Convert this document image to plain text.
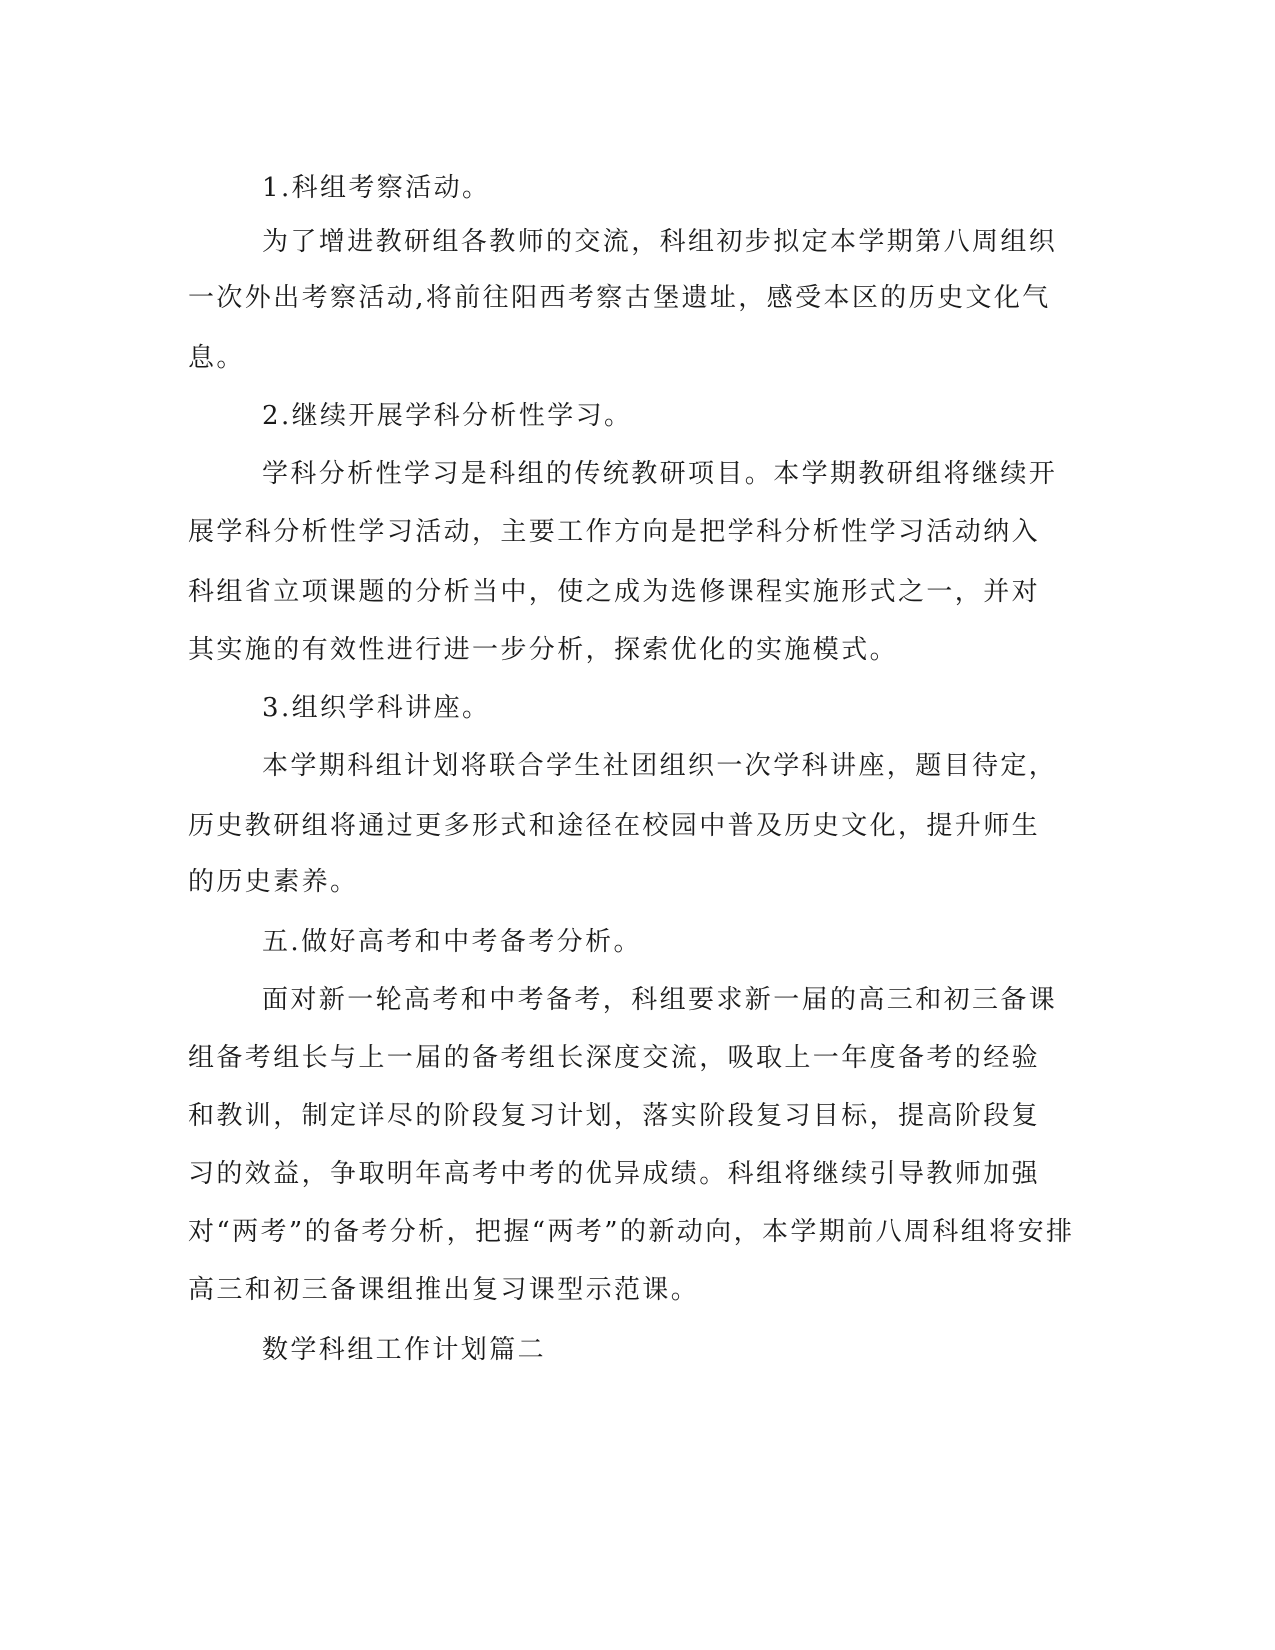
1.科组考察活动。
为了增进教研组各教师的交流，科组初步拟定本学期第八周组织
一次外出考察活动,将前往阳西考察古堡遗址，感受本区的历史文化气
息。
2.继续开展学科分析性学习。
学科分析性学习是科组的传统教研项目。本学期教研组将继续开
展学科分析性学习活动，主要工作方向是把学科分析性学习活动纳入
科组省立项课题的分析当中，使之成为选修课程实施形式之一，并对
其实施的有效性进行进一步分析，探索优化的实施模式。
3.组织学科讲座。
本学期科组计划将联合学生社团组织一次学科讲座，题目待定，
历史教研组将通过更多形式和途径在校园中普及历史文化，提升师生
的历史素养。
五.做好高考和中考备考分析。
面对新一轮高考和中考备考，科组要求新一届的高三和初三备课
组备考组长与上一届的备考组长深度交流，吸取上一年度备考的经验
和教训，制定详尽的阶段复习计划，落实阶段复习目标，提高阶段复
习的效益，争取明年高考中考的优异成绩。科组将继续引导教师加强
对“两考”的备考分析，把握“两考”的新动向，本学期前八周科组将安排
高三和初三备课组推出复习课型示范课。
数学科组工作计划篇二
